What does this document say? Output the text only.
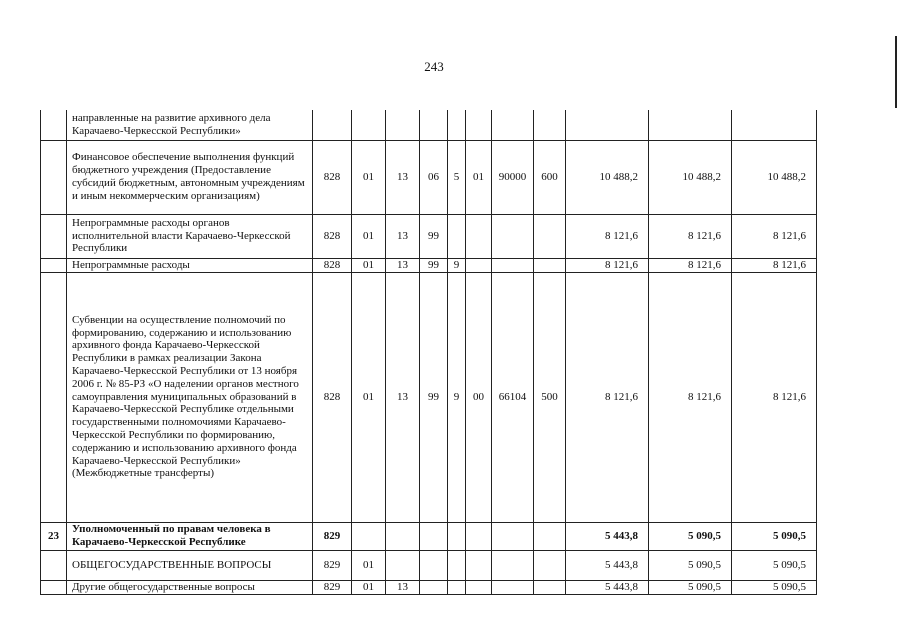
243
	направленные на развитие архивного дела Карачаево-Черкесской Республики»											
	Финансовое обеспечение выполнения функций бюджетного учреждения (Предоставление субсидий бюджетным, автономным учреждениям и иным некоммерческим организациям)	828	01	13	06	5	01	90000	600	10 488,2	10 488,2	10 488,2
	Непрограммные расходы органов исполнительной власти Карачаево-Черкесской Республики	828	01	13	99					8 121,6	8 121,6	8 121,6
	Непрограммные расходы	828	01	13	99	9				8 121,6	8 121,6	8 121,6
	Субвенции на осуществление полномочий по формированию, содержанию и использованию архивного фонда Карачаево-Черкесской Республики в рамках реализации Закона Карачаево-Черкесской Республики от 13 ноября 2006 г. № 85-РЗ «О наделении органов местного самоуправления муниципальных образований в Карачаево-Черкесской Республике отдельными государственными полномочиями Карачаево-Черкесской Республики по формированию, содержанию и использованию архивного фонда Карачаево-Черкесской Республики» (Межбюджетные трансферты)	828	01	13	99	9	00	66104	500	8 121,6	8 121,6	8 121,6
23	Уполномоченный по правам человека в Карачаево-Черкесской Республике	829								5 443,8	5 090,5	5 090,5
	ОБЩЕГОСУДАРСТВЕННЫЕ ВОПРОСЫ	829	01							5 443,8	5 090,5	5 090,5
	Другие общегосударственные вопросы	829	01	13						5 443,8	5 090,5	5 090,5
